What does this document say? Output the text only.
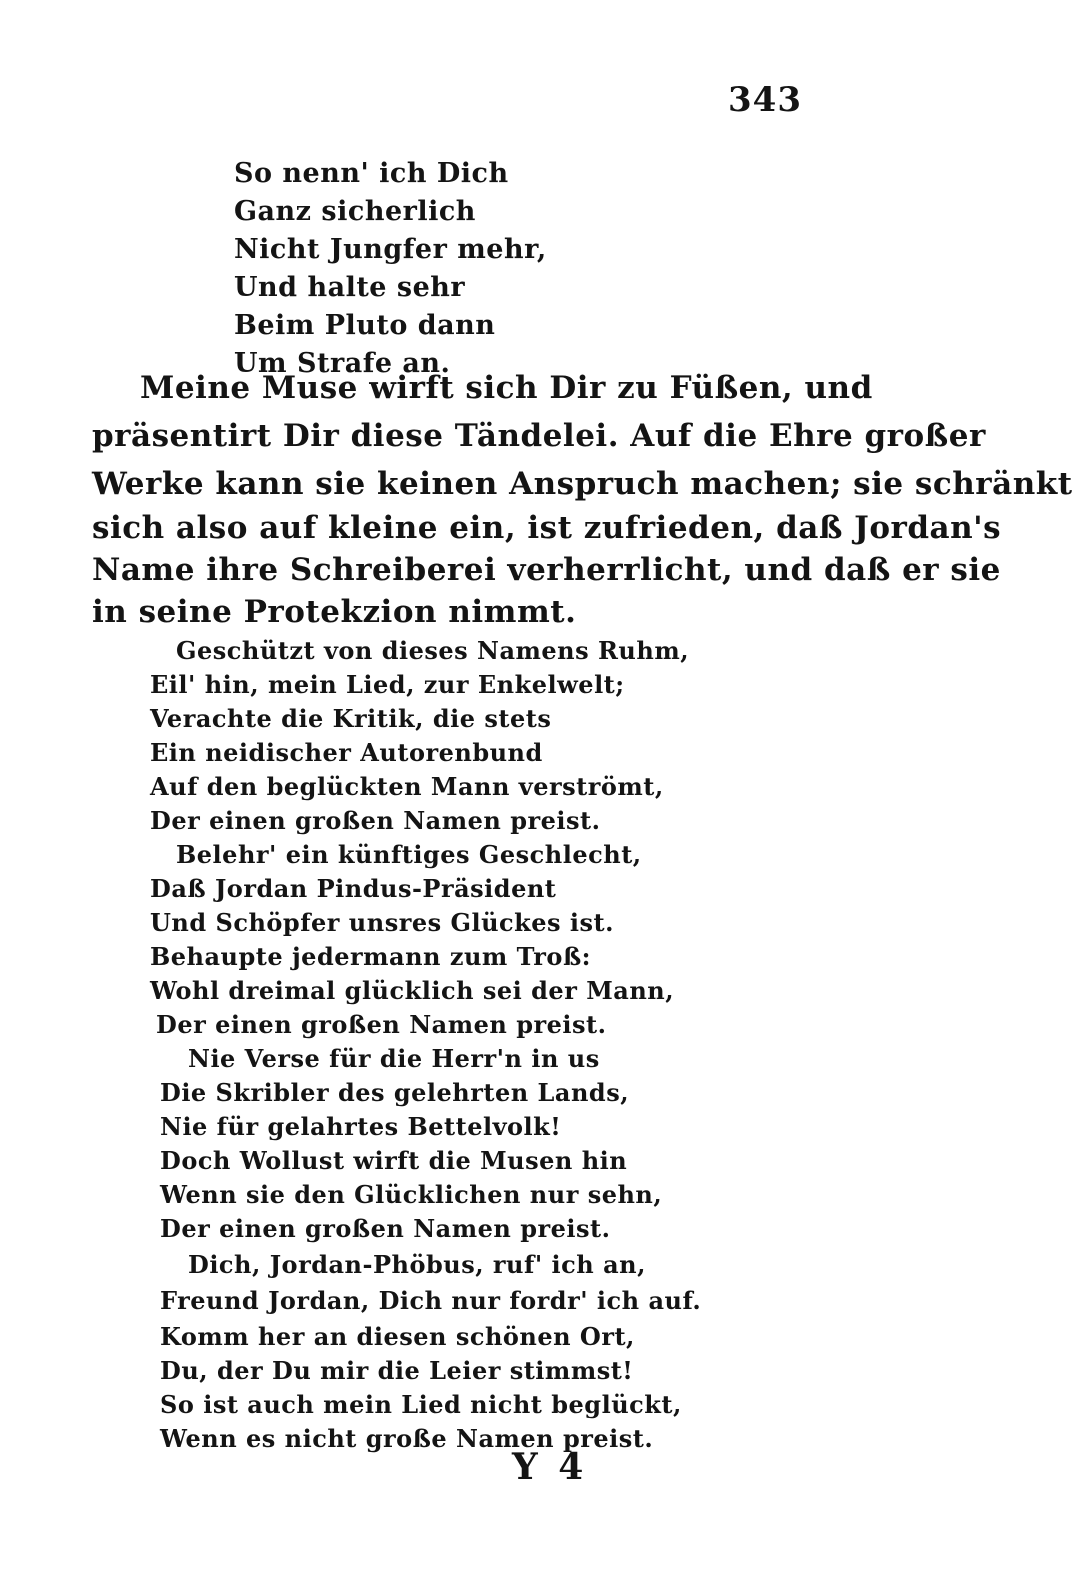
343
So nenn' ich Dich
Ganz sicherlich
Nicht Jungfer mehr,
Und halte sehr
Beim Pluto dann
Um Strafe an.
Meine Muse wirft sich Dir zu Füßen, und
präsentirt Dir diese Tändelei. Auf die Ehre großer
Werke kann sie keinen Anspruch machen; sie schränkt
sich also auf kleine ein, ist zufrieden, daß Jordan's
Name ihre Schreiberei verherrlicht, und daß er sie
in seine Protekzion nimmt.
Geschützt von dieses Namens Ruhm,
Eil' hin, mein Lied, zur Enkelwelt;
Verachte die Kritik, die stets
Ein neidischer Autorenbund
Auf den beglückten Mann verströmt,
Der einen großen Namen preist.
Belehr' ein künftiges Geschlecht,
Daß Jordan Pindus-Präsident
Und Schöpfer unsres Glückes ist.
Behaupte jedermann zum Troß:
Wohl dreimal glücklich sei der Mann,
Der einen großen Namen preist.
Nie Verse für die Herr'n in us
Die Skribler des gelehrten Lands,
Nie für gelahrtes Bettelvolk!
Doch Wollust wirft die Musen hin
Wenn sie den Glücklichen nur sehn,
Der einen großen Namen preist.
Dich, Jordan-Phöbus, ruf' ich an,
Freund Jordan, Dich nur fordr' ich auf.
Komm her an diesen schönen Ort,
Du, der Du mir die Leier stimmst!
So ist auch mein Lied nicht beglückt,
Wenn es nicht große Namen preist.
Y 4
